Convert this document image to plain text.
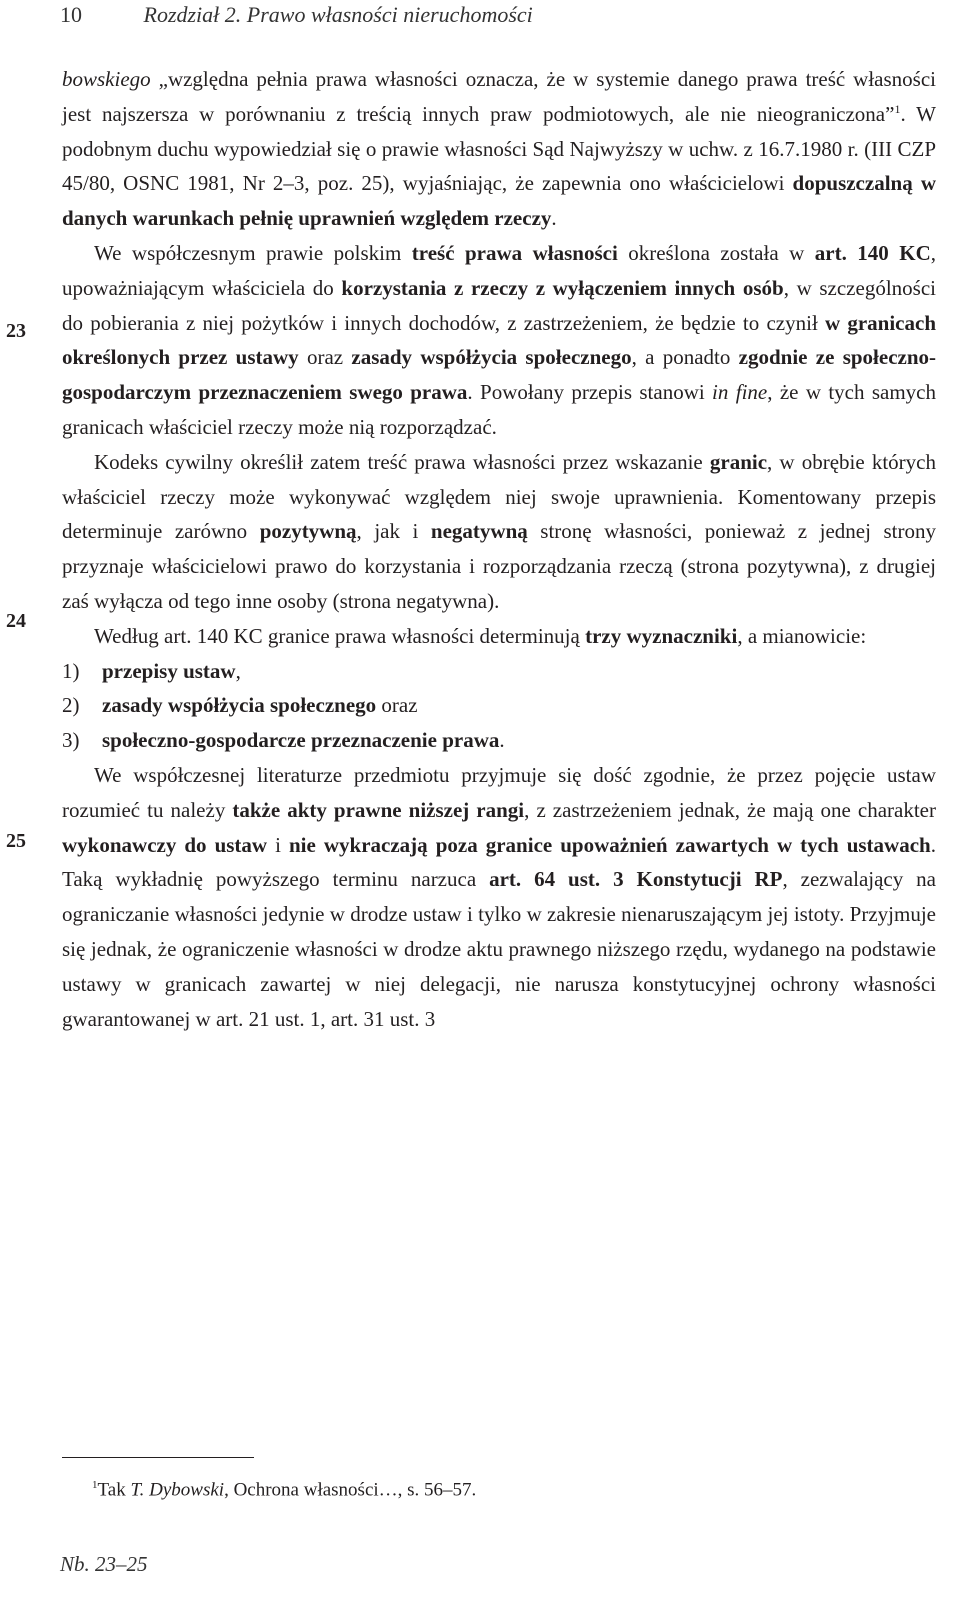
10	Rozdział 2. Prawo własności nieruchomości
23
24
25

bowskiego „względna pełnia prawa własności oznacza, że w systemie danego prawa treść własności jest najszersza w porównaniu z treścią innych praw podmiotowych, ale nie nieograniczona”$^1$. W podobnym duchu wypowiedział się o prawie własności Sąd Najwyższy w uchw. z 16.7.1980 r. (III CZP 45/80, OSNC 1981, Nr 2–3, poz. 25), wyjaśniając, że zapewnia ono właścicielowi dopuszczalną w danych warunkach pełnię uprawnień względem rzeczy.

We współczesnym prawie polskim treść prawa własności określona została w art. 140 KC, upoważniającym właściciela do korzystania z rzeczy z wyłączeniem innych osób, w szczególności do pobierania z niej pożytków i innych dochodów, z zastrzeżeniem, że będzie to czynił w granicach określonych przez ustawy oraz zasady współżycia społecznego, a ponadto zgodnie ze społeczno-gospodarczym przeznaczeniem swego prawa. Powołany przepis stanowi in fine, że w tych samych granicach właściciel rzeczy może nią rozporządzać.

Kodeks cywilny określił zatem treść prawa własności przez wskazanie granic, w obrębie których właściciel rzeczy może wykonywać względem niej swoje uprawnienia. Komentowany przepis determinuje zarówno pozytywną, jak i negatywną stronę własności, ponieważ z jednej strony przyznaje właścicielowi prawo do korzystania i rozporządzania rzeczą (strona pozytywna), z drugiej zaś wyłącza od tego inne osoby (strona negatywna).

Według art. 140 KC granice prawa własności determinują trzy wyznaczniki, a mianowicie:

1)	przepisy ustaw,
2)	zasady współżycia społecznego oraz
3)	społeczno-gospodarcze przeznaczenie prawa.

We współczesnej literaturze przedmiotu przyjmuje się dość zgodnie, że przez pojęcie ustaw rozumieć tu należy także akty prawne niższej rangi, z zastrzeżeniem jednak, że mają one charakter wykonawczy do ustaw i nie wykraczają poza granice upoważnień zawartych w tych ustawach. Taką wykładnię powyższego terminu narzuca art. 64 ust. 3 Konstytucji RP, zezwalający na ograniczanie własności jedynie w drodze ustaw i tylko w zakresie nienaruszającym jej istoty. Przyjmuje się jednak, że ograniczenie własności w drodze aktu prawnego niższego rzędu, wydanego na podstawie ustawy w granicach zawartej w niej delegacji, nie narusza konstytucyjnej ochrony własności gwarantowanej w art. 21 ust. 1, art. 31 ust. 3

$^1$Tak T. Dybowski, Ochrona własności…, s. 56–57.
Nb. 23–25
